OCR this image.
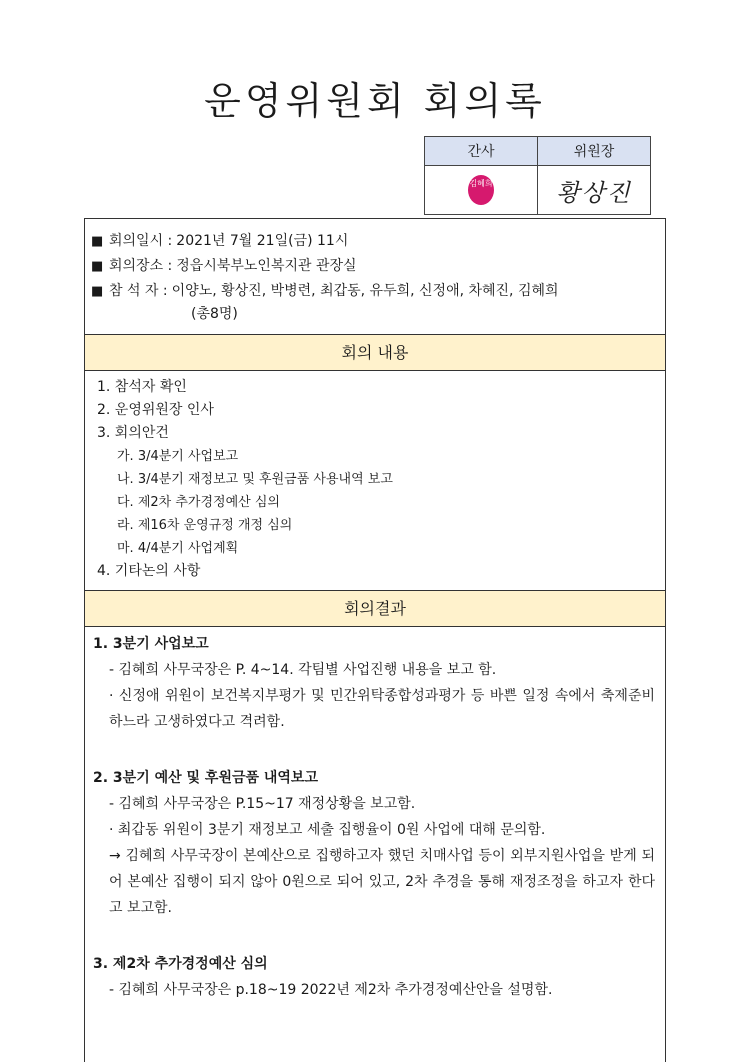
운영위원회 회의록
간사	위원장
김혜희	황상진
■ 회의일시 : 2021년 7월 21일(금) 11시
■ 회의장소 : 정읍시북부노인복지관 관장실
■ 참 석 자 : 이양노, 황상진, 박병련, 최갑동, 유두희, 신정애, 차혜진, 김혜희
(총8명)
회의 내용
1. 참석자 확인
2. 운영위원장 인사
3. 회의안건
가. 3/4분기 사업보고
나. 3/4분기 재정보고 및 후원금품 사용내역 보고
다. 제2차 추가경정예산 심의
라. 제16차 운영규정 개정 심의
마. 4/4분기 사업계획
4. 기타논의 사항
회의결과
1. 3분기 사업보고
- 김혜희 사무국장은 P. 4~14. 각팀별 사업진행 내용을 보고 함.
· 신정애 위원이 보건복지부평가 및 민간위탁종합성과평가 등 바쁜 일정 속에서 축제준비 하느라 고생하였다고 격려함.
2. 3분기 예산 및 후원금품 내역보고
- 김혜희 사무국장은 P.15~17 재정상황을 보고함.
· 최갑동 위원이 3분기 재정보고 세출 집행율이 0원 사업에 대해 문의함.
→ 김혜희 사무국장이 본예산으로 집행하고자 했던 치매사업 등이 외부지원사업을 받게 되어 본예산 집행이 되지 않아 0원으로 되어 있고, 2차 추경을 통해 재정조정을 하고자 한다고 보고함.
3. 제2차 추가경정예산 심의
- 김혜희 사무국장은 p.18~19 2022년 제2차 추가경정예산안을 설명함.
